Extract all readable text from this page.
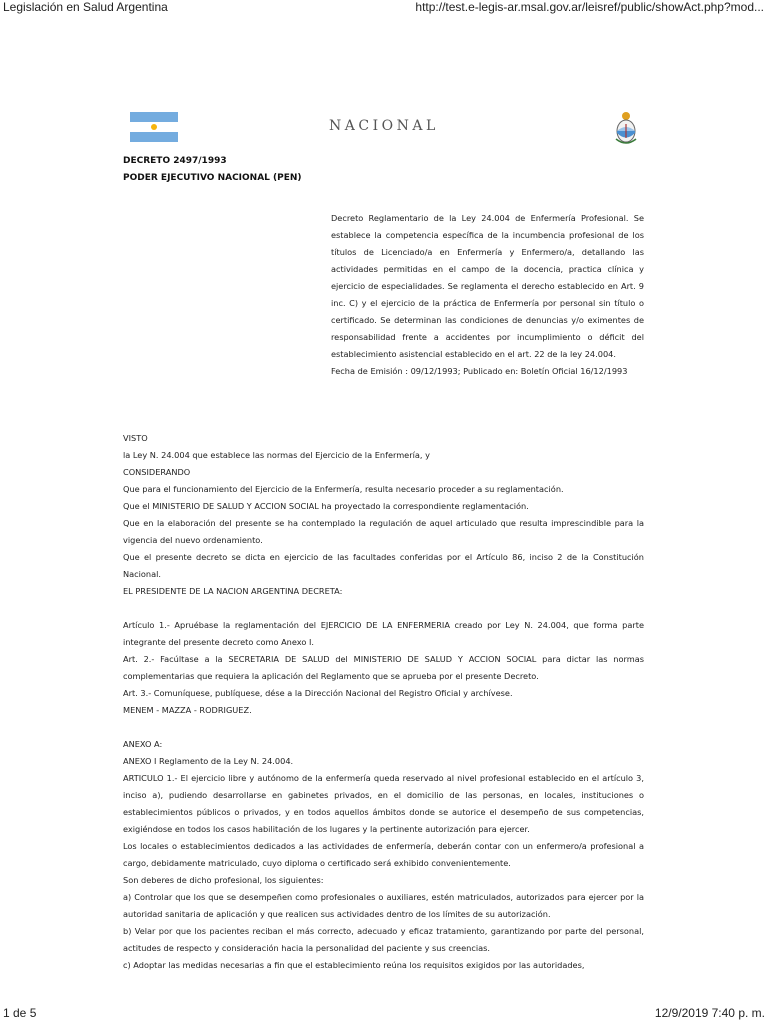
Legislación en Salud Argentina	http://test.e-legis-ar.msal.gov.ar/leisref/public/showAct.php?mod...
NACIONAL
DECRETO 2497/1993
PODER EJECUTIVO NACIONAL (PEN)

Decreto Reglamentario de la Ley 24.004 de Enfermería Profesional. Se establece la competencia específica de la incumbencia profesional de los títulos de Licenciado/a en Enfermería y Enfermero/a, detallando las actividades permitidas en el campo de la docencia, practica clínica y ejercicio de especialidades. Se reglamenta el derecho establecido en Art. 9 inc. C) y el ejercicio de la práctica de Enfermería por personal sin título o certificado. Se determinan las condiciones de denuncias y/o eximentes de responsabilidad frente a accidentes por incumplimiento o déficit del establecimiento asistencial establecido en el art. 22 de la ley 24.004.

Fecha de Emisión : 09/12/1993; Publicado en: Boletín Oficial 16/12/1993

VISTO

la Ley N. 24.004 que establece las normas del Ejercicio de la Enfermería, y

CONSIDERANDO

Que para el funcionamiento del Ejercicio de la Enfermería, resulta necesario proceder a su reglamentación.

Que el MINISTERIO DE SALUD Y ACCION SOCIAL ha proyectado la correspondiente reglamentación.

Que en la elaboración del presente se ha contemplado la regulación de aquel articulado que resulta imprescindible para la vigencia del nuevo ordenamiento.

Que el presente decreto se dicta en ejercicio de las facultades conferidas por el Artículo 86, inciso 2 de la Constitución Nacional.

EL PRESIDENTE DE LA NACION ARGENTINA DECRETA:

Artículo 1.- Apruébase la reglamentación del EJERCICIO DE LA ENFERMERIA creado por Ley N. 24.004, que forma parte integrante del presente decreto como Anexo I.

Art. 2.- Facúltase a la SECRETARIA DE SALUD del MINISTERIO DE SALUD Y ACCION SOCIAL para dictar las normas complementarias que requiera la aplicación del Reglamento que se aprueba por el presente Decreto.

Art. 3.- Comuníquese, publíquese, dése a la Dirección Nacional del Registro Oficial y archívese.

MENEM - MAZZA - RODRIGUEZ.

ANEXO A:

ANEXO I Reglamento de la Ley N. 24.004.

ARTICULO 1.- El ejercicio libre y autónomo de la enfermería queda reservado al nivel profesional establecido en el artículo 3, inciso a), pudiendo desarrollarse en gabinetes privados, en el domicilio de las personas, en locales, instituciones o establecimientos públicos o privados, y en todos aquellos ámbitos donde se autorice el desempeño de sus competencias, exigiéndose en todos los casos habilitación de los lugares y la pertinente autorización para ejercer.

Los locales o establecimientos dedicados a las actividades de enfermería, deberán contar con un enfermero/a profesional a cargo, debidamente matriculado, cuyo diploma o certificado será exhibido convenientemente.

Son deberes de dicho profesional, los siguientes:

a) Controlar que los que se desempeñen como profesionales o auxiliares, estén matriculados, autorizados para ejercer por la autoridad sanitaria de aplicación y que realicen sus actividades dentro de los límites de su autorización.

b) Velar por que los pacientes reciban el más correcto, adecuado y eficaz tratamiento, garantizando por parte del personal, actitudes de respecto y consideración hacia la personalidad del paciente y sus creencias.

c) Adoptar las medidas necesarias a fin que el establecimiento reúna los requisitos exigidos por las autoridades,

1 de 5	12/9/2019 7:40 p. m.
